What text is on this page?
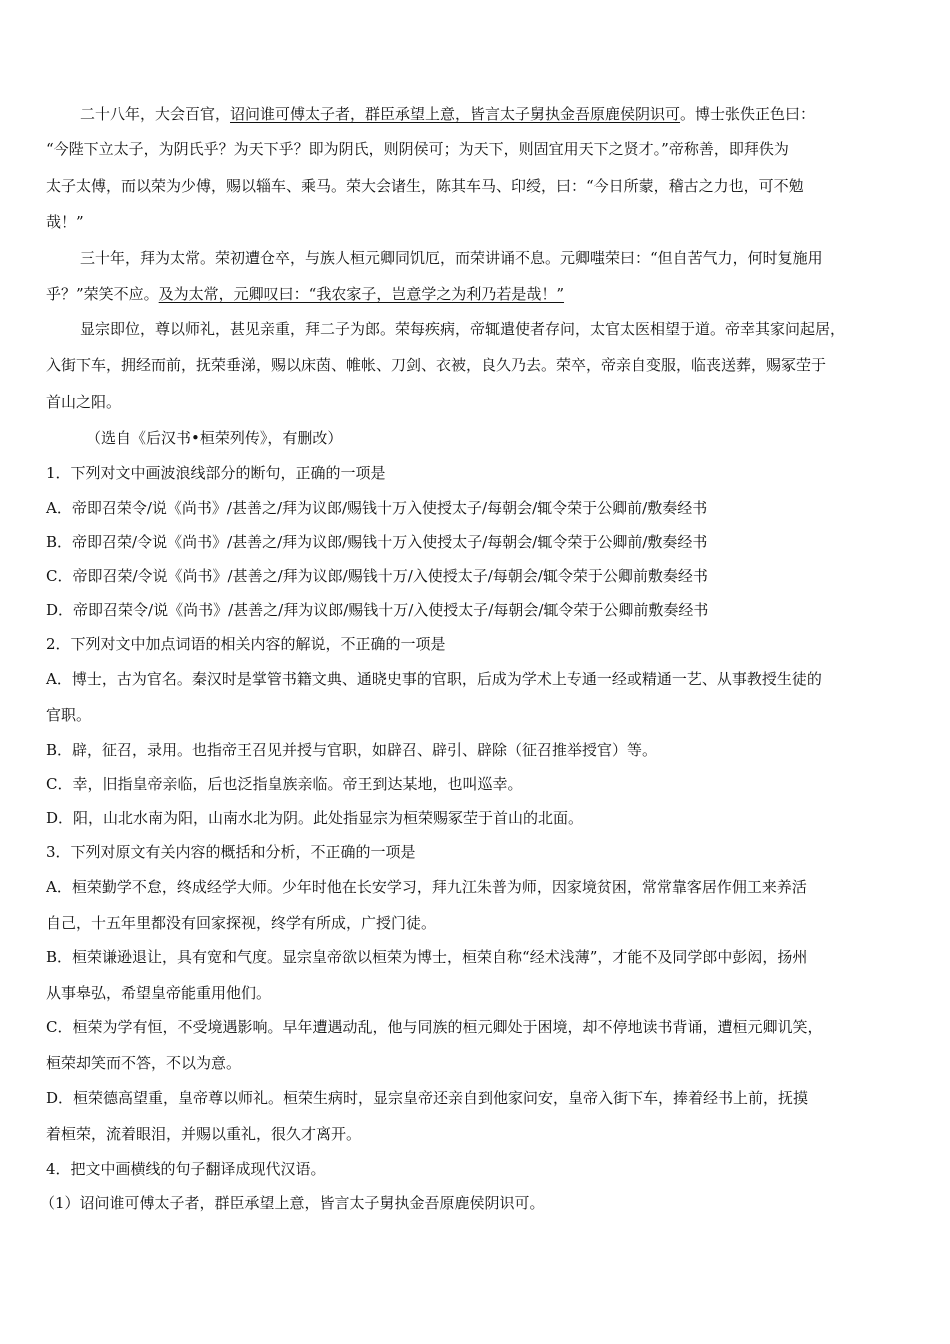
二十八年，大会百官，诏问谁可傅太子者，群臣承望上意，皆言太子舅执金吾原鹿侯阴识可。博士张佚正色曰：
“今陛下立太子，为阴氏乎？为天下乎？即为阴氏，则阴侯可；为天下，则固宜用天下之贤才。”帝称善，即拜佚为
太子太傅，而以荣为少傅，赐以辎车、乘马。荣大会诸生，陈其车马、印绶，曰：“今日所蒙，稽古之力也，可不勉
哉！”
三十年，拜为太常。荣初遭仓卒，与族人桓元卿同饥厄，而荣讲诵不息。元卿嗤荣曰：“但自苦气力，何时复施用
乎？”荣笑不应。及为太常，元卿叹曰：“我农家子，岂意学之为利乃若是哉！”
显宗即位，尊以师礼，甚见亲重，拜二子为郎。荣每疾病，帝辄遣使者存问，太官太医相望于道。帝幸其家问起居，
入街下车，拥经而前，抚荣垂涕，赐以床茵、帷帐、刀剑、衣被，良久乃去。荣卒，帝亲自变服，临丧送葬，赐冢茔于
首山之阳。
（选自《后汉书•桓荣列传》，有删改）
1．下列对文中画波浪线部分的断句，正确的一项是
A．帝即召荣令/说《尚书》/甚善之/拜为议郎/赐钱十万入使授太子/每朝会/辄令荣于公卿前/敷奏经书
B．帝即召荣/令说《尚书》/甚善之/拜为议郎/赐钱十万入使授太子/每朝会/辄令荣于公卿前/敷奏经书
C．帝即召荣/令说《尚书》/甚善之/拜为议郎/赐钱十万/入使授太子/每朝会/辄令荣于公卿前敷奏经书
D．帝即召荣令/说《尚书》/甚善之/拜为议郎/赐钱十万/入使授太子/每朝会/辄令荣于公卿前敷奏经书
2．下列对文中加点词语的相关内容的解说，不正确的一项是
A．博士，古为官名。秦汉时是掌管书籍文典、通晓史事的官职，后成为学术上专通一经或精通一艺、从事教授生徒的
官职。
B．辟，征召，录用。也指帝王召见并授与官职，如辟召、辟引、辟除（征召推举授官）等。
C．幸，旧指皇帝亲临，后也泛指皇族亲临。帝王到达某地，也叫巡幸。
D．阳，山北水南为阳，山南水北为阴。此处指显宗为桓荣赐冢茔于首山的北面。
3．下列对原文有关内容的概括和分析，不正确的一项是
A．桓荣勤学不怠，终成经学大师。少年时他在长安学习，拜九江朱普为师，因家境贫困，常常靠客居作佣工来养活
自己，十五年里都没有回家探视，终学有所成，广授门徒。
B．桓荣谦逊退让，具有宽和气度。显宗皇帝欲以桓荣为博士，桓荣自称“经术浅薄”，才能不及同学郎中彭闳，扬州
从事皋弘，希望皇帝能重用他们。
C．桓荣为学有恒，不受境遇影响。早年遭遇动乱，他与同族的桓元卿处于困境，却不停地读书背诵，遭桓元卿讥笑，
桓荣却笑而不答，不以为意。
D．桓荣德高望重，皇帝尊以师礼。桓荣生病时，显宗皇帝还亲自到他家问安，皇帝入街下车，捧着经书上前，抚摸
着桓荣，流着眼泪，并赐以重礼，很久才离开。
4．把文中画横线的句子翻译成现代汉语。
（1）诏问谁可傅太子者，群臣承望上意，皆言太子舅执金吾原鹿侯阴识可。
